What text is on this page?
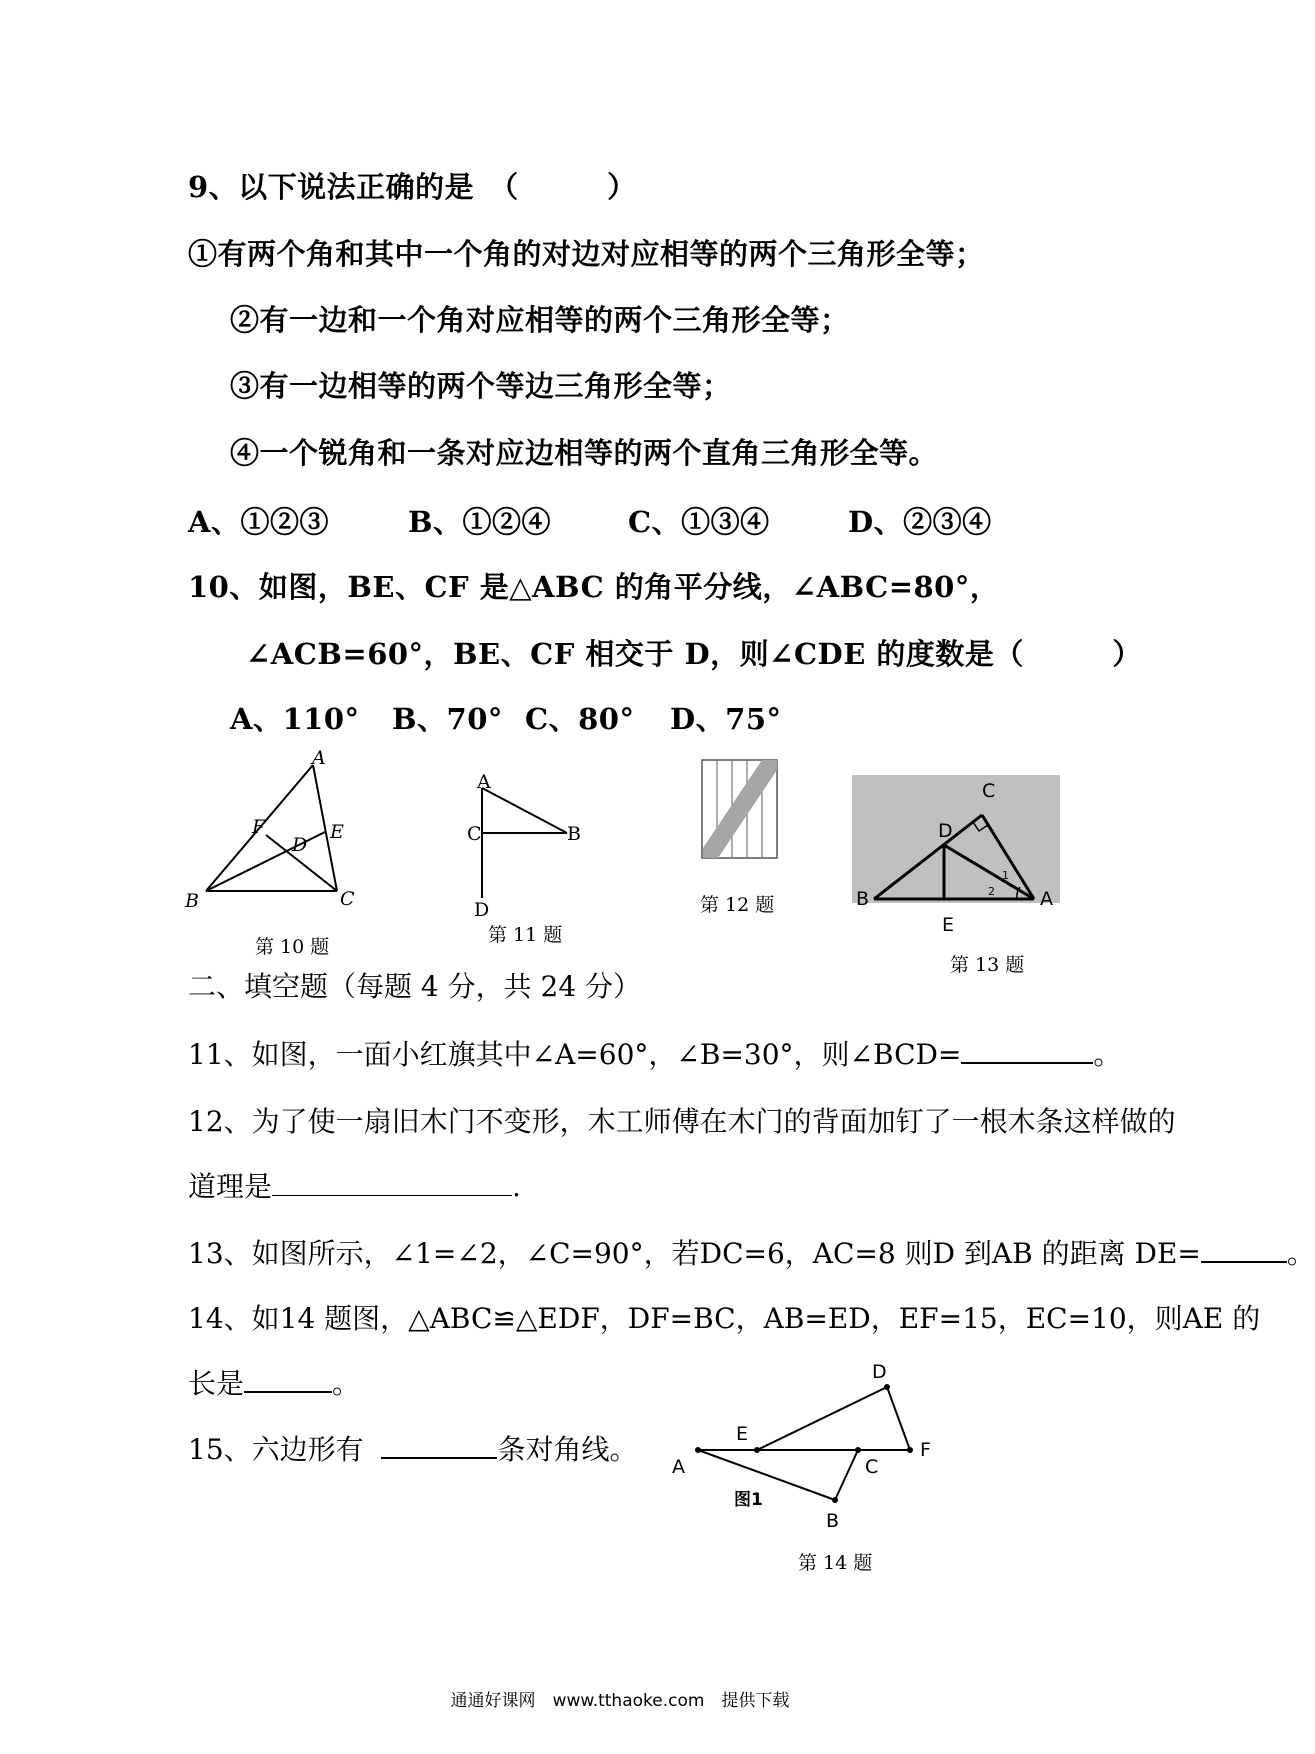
9、以下说法正确的是　（　　　）
①有两个角和其中一个角的对边对应相等的两个三角形全等；
②有一边和一个角对应相等的两个三角形全等；
③有一边相等的两个等边三角形全等；
④一个锐角和一条对应边相等的两个直角三角形全等。
A、①②③	B、①②④	C、①③④	D、②③④
10、如图，BE、CF 是△ABC 的角平分线，∠ABC=80°，
∠ACB=60°，BE、CF 相交于 D，则∠CDE 的度数是（　　　）
A、110° B、70° C、80° D、75°
A
B	C
D
E
F
第 10 题
A
B
C
D
第 11 题
第 12 题
C
D
B	A
1
2
E
第 13 题
二、填空题（每题 4 分，共 24 分）
11、如图，一面小红旗其中∠A=60°，∠B=30°，则∠BCD=	。
12、为了使一扇旧木门不变形，木工师傅在木门的背面加钉了一根木条这样做的
道理是	.
13、如图所示，∠1=∠2，∠C=90°，若DC=6，AC=8 则D 到AB 的距离 DE=	。
14、如14 题图，△ABC≌△EDF，DF=BC，AB=ED，EF=15，EC=10，则AE 的
长是	。
15、六边形有	条对角线。
A
E
C
F
B
D
图1
第 14 题
通通好课网　www.tthaoke.com　提供下载
